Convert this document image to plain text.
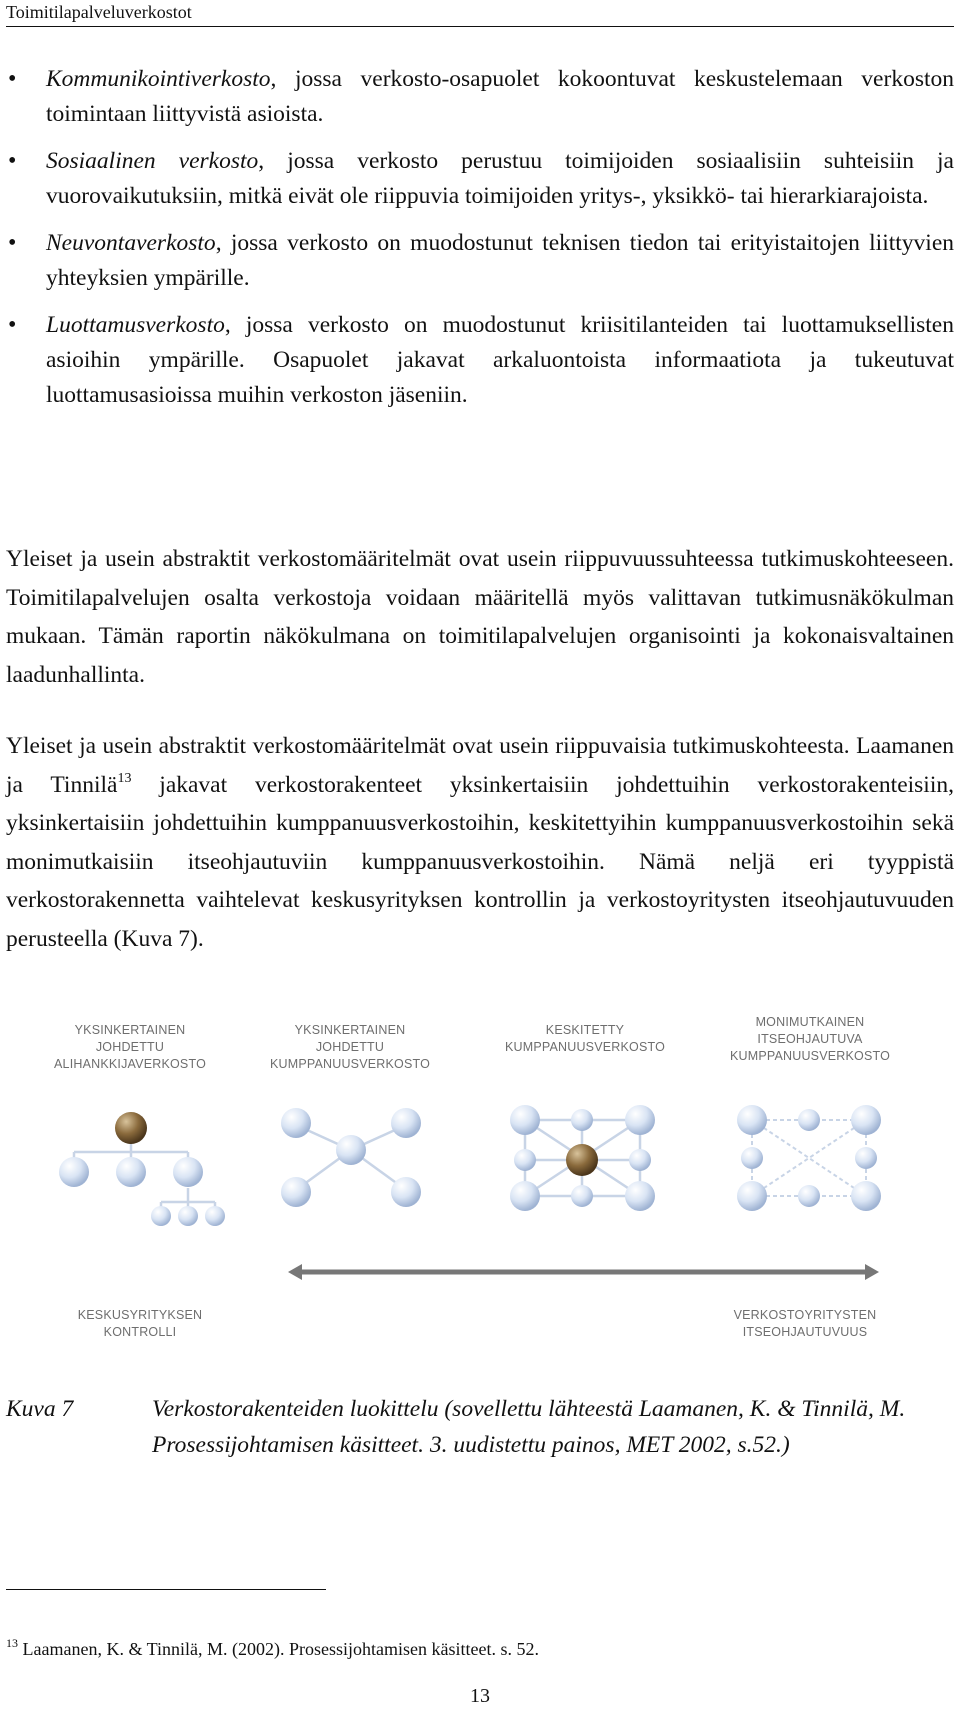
Toimitilapalveluverkostot
• Kommunikointiverkosto, jossa verkosto-osapuolet kokoontuvat keskustelemaan verkoston toimintaan liittyvistä asioista.
• Sosiaalinen verkosto, jossa verkosto perustuu toimijoiden sosiaalisiin suhteisiin ja vuorovaikutuksiin, mitkä eivät ole riippuvia toimijoiden yritys-, yksikkö- tai hierarkiarajoista.
• Neuvontaverkosto, jossa verkosto on muodostunut teknisen tiedon tai erityistaitojen liittyvien yhteyksien ympärille.
• Luottamusverkosto, jossa verkosto on muodostunut kriisitilanteiden tai luottamuksellisten asioihin ympärille. Osapuolet jakavat arkaluontoista informaatiota ja tukeutuvat luottamusasioissa muihin verkoston jäseniin.
Yleiset ja usein abstraktit verkostomääritelmät ovat usein riippuvuussuhteessa tutkimuskohteeseen. Toimitilapalvelujen osalta verkostoja voidaan määritellä myös valittavan tutkimusnäkökulman mukaan. Tämän raportin näkökulmana on toimitilapalvelujen organisointi ja kokonaisvaltainen laadunhallinta.
Yleiset ja usein abstraktit verkostomääritelmät ovat usein riippuvaisia tutkimuskohteesta. Laamanen ja Tinnilä$^{13}$ jakavat verkostorakenteet yksinkertaisiin johdettuihin verkostorakenteisiin, yksinkertaisiin johdettuihin kumppanuusverkostoihin, keskitettyihin kumppanuusverkostoihin sekä monimutkaisiin itseohjautuviin kumppanuusverkostoihin. Nämä neljä eri tyyppistä verkostorakennetta vaihtelevat keskusyrityksen kontrollin ja verkostoyritysten itseohjautuvuuden perusteella (Kuva 7).
YKSINKERTAINEN
JOHDETTU
ALIHANKKIJAVERKOSTO
YKSINKERTAINEN
JOHDETTU
KUMPPANUUSVERKOSTO
KESKITETTY
KUMPPANUUSVERKOSTO
MONIMUTKAINEN
ITSEOHJAUTUVA
KUMPPANUUSVERKOSTO
KESKUSYRITYKSEN
KONTROLLI
VERKOSTOYRITYSTEN
ITSEOHJAUTUVUUS
Kuva 7	Verkostorakenteiden luokittelu (sovellettu lähteestä Laamanen, K. & Tinnilä, M. Prosessijohtamisen käsitteet. 3. uudistettu painos, MET 2002, s.52.)
$^{13}$ Laamanen, K. & Tinnilä, M. (2002). Prosessijohtamisen käsitteet. s. 52.
13
